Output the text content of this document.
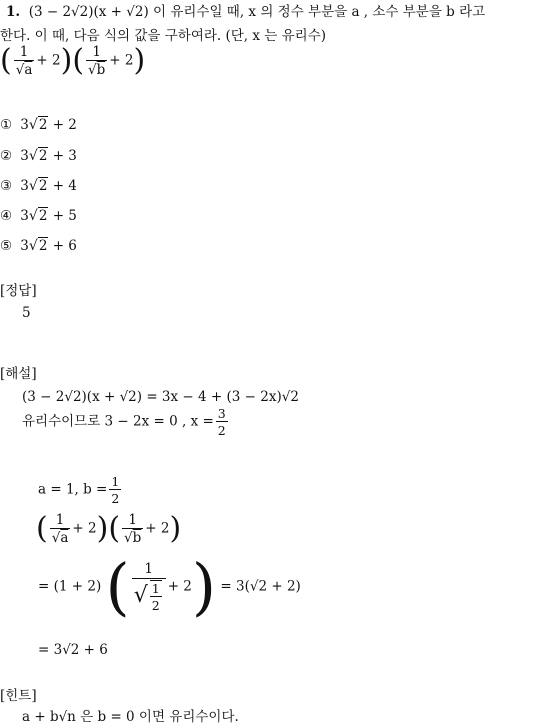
1. (3 − 2√2)(x + √2) 이 유리수일 때, x 의 정수 부분을 a , 소수 부분을 b 라고
한다. 이 때, 다음 식의 값을 구하여라. (단, x 는 유리수)
( $\frac{1}{√a} + 2)( \frac{1}{√b} + 2)$
① 3√2 + 2
② 3√2 + 3
③ 3√2 + 4
④ 3√2 + 5
⑤ 3√2 + 6
[정답]
5
[해설]
(3 − 2√2)(x + √2) = 3x − 4 + (3 − 2x)√2
유리수이므로 3 − 2x = 0 , $x = \frac{3}{2}$
a = 1, $b = \frac{1}{2}$
( $\frac{1}{√a} + 2)( \frac{1}{√b} + 2)$
= (1 + 2) ( $\frac{1}{√ \frac{1}{2}} + 2) = 3(√2 + 2)$
= 3√2 + 6
[힌트]
a + b√n 은 b = 0 이면 유리수이다.
